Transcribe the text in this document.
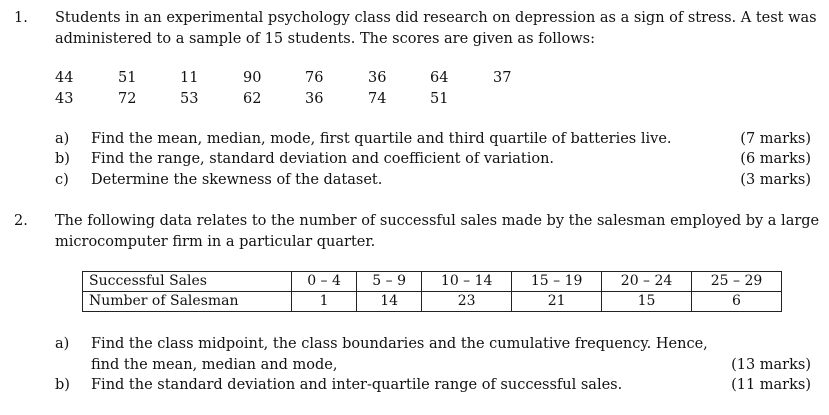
1. Students in an experimental psychology class did research on depression as a sign of stress. A test was
administered to a sample of 15 students. The scores are given as follows:
44	51	11	90	76	36	64	37
43	72	53	62	36	74	51
a) Find the mean, median, mode, first quartile and third quartile of batteries live.	(7 marks)
b) Find the range, standard deviation and coefficient of variation.	(6 marks)
c) Determine the skewness of the dataset.	(3 marks)
2. The following data relates to the number of successful sales made by the salesman employed by a large
microcomputer firm in a particular quarter.
Successful Sales	0 – 4	5 – 9	10 – 14	15 – 19	20 – 24	25 – 29
Number of Salesman	1	14	23	21	15	6
a) Find the class midpoint, the class boundaries and the cumulative frequency. Hence,
find the mean, median and mode,	(13 marks)
b) Find the standard deviation and inter-quartile range of successful sales.	(11 marks)
